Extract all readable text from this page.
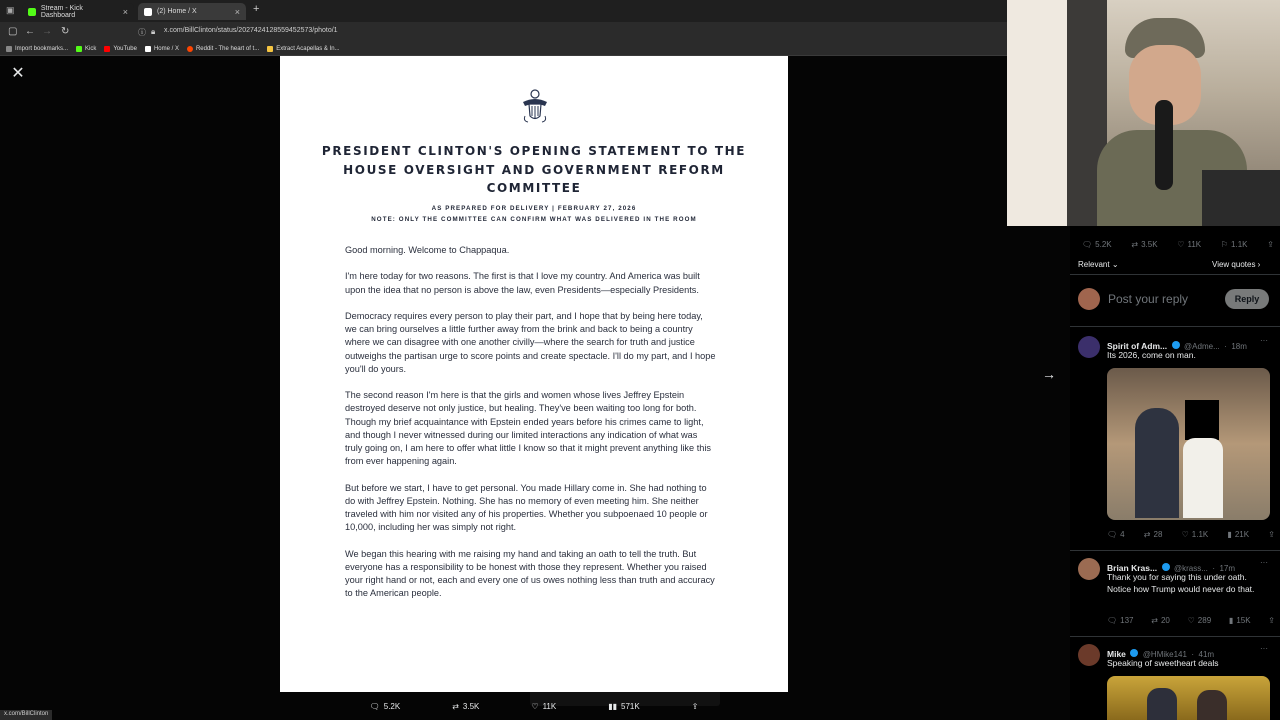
▣	Stream - Kick Dashboard	×	(2) Home / X	× +
▢ ← → ↻	ⓘ 🔒︎ x.com/BillClinton/status/2027424128559452573/photo/1
Import bookmarks...	Kick	YouTube	Home / X	Reddit - The heart of t...	Extract Acapellas & In...
✕
→
PRESIDENT CLINTON'S OPENING STATEMENT TO THE HOUSE OVERSIGHT AND GOVERNMENT REFORM COMMITTEE
AS PREPARED FOR DELIVERY | FEBRUARY 27, 2026
NOTE: ONLY THE COMMITTEE CAN CONFIRM WHAT WAS DELIVERED IN THE ROOM

Good morning. Welcome to Chappaqua.

I'm here today for two reasons. The first is that I love my country. And America was built upon the idea that no person is above the law, even Presidents—especially Presidents.

Democracy requires every person to play their part, and I hope that by being here today, we can bring ourselves a little further away from the brink and back to being a country where we can disagree with one another civilly—where the search for truth and justice outweighs the partisan urge to score points and create spectacle. I'll do my part, and I hope you'll do yours.

The second reason I'm here is that the girls and women whose lives Jeffrey Epstein destroyed deserve not only justice, but healing. They've been waiting too long for both. Though my brief acquaintance with Epstein ended years before his crimes came to light, and though I never witnessed during our limited interactions any indication of what was truly going on, I am here to offer what little I know so that it might prevent anything like this from ever happening again.

But before we start, I have to get personal. You made Hillary come in. She had nothing to do with Jeffrey Epstein. Nothing. She has no memory of even meeting him. She neither traveled with him nor visited any of his properties. Whether you subpoenaed 10 people or 10,000, including her was simply not right.

We began this hearing with me raising my hand and taking an oath to tell the truth. But everyone has a responsibility to be honest with those they represent. Whether you raised your right hand or not, each and every one of us owes nothing less than truth and accuracy to the American people.

🗨︎ 5.2K	⇄ 3.5K	♡ 11K	▮▮ 571K	⇪
x.com/BillClinton
🗨︎ 5.2K ⇄ 3.5K ♡ 11K ⚐ 1.1K ⇪
Relevant ⌄	View quotes ›
Post your reply	Reply
Spirit of Adm... @Adme... · 18m
···
Its 2026, come on man.
🗨︎ 4 ⇄ 28 ♡ 1.1K ▮ 21K ⇪
Brian Kras... @krass... · 17m
···
Thank you for saying this under oath. Notice how Trump would never do that.
🗨︎ 137 ⇄ 20 ♡ 289 ▮ 15K ⇪
Mike @HMike141 · 41m
···
Speaking of sweetheart deals
